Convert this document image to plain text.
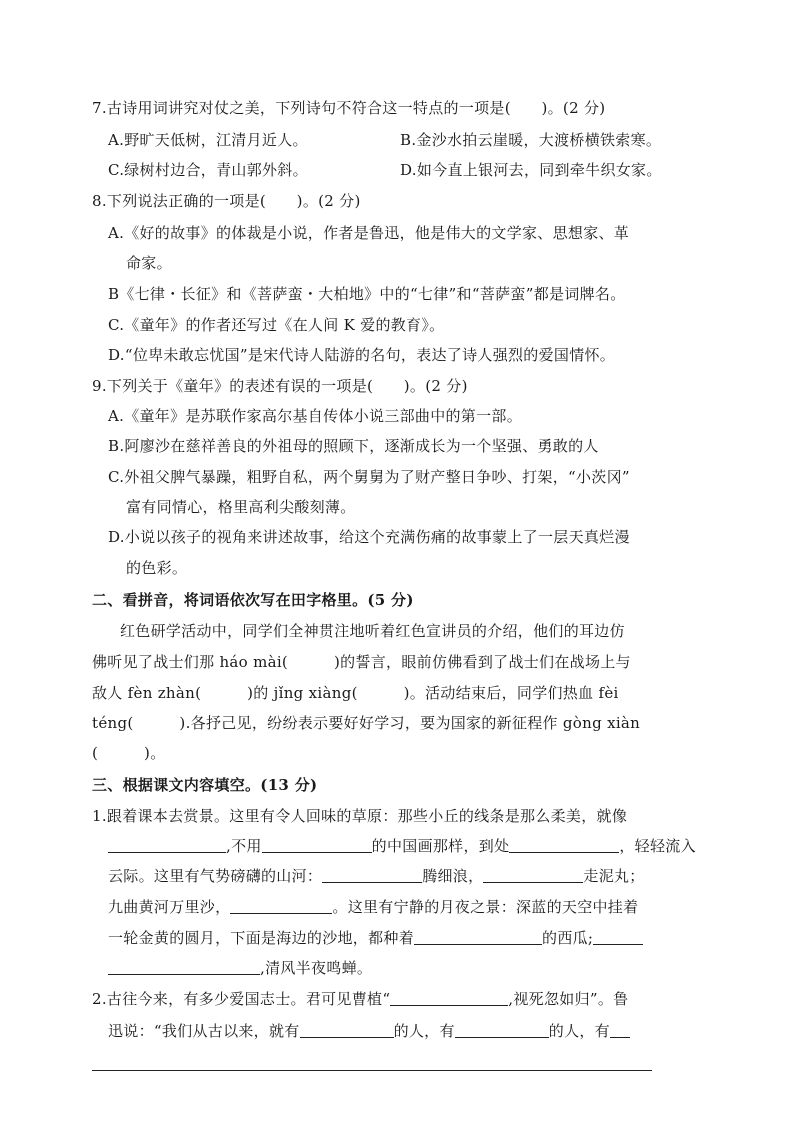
7.古诗用词讲究对仗之美，下列诗句不符合这一特点的一项是(　　)。(2 分)
A.野旷天低树，江清月近人。	B.金沙水拍云崖暖，大渡桥横铁索寒。
C.绿树村边合，青山郭外斜。	D.如今直上银河去，同到牵牛织女家。
8.下列说法正确的一项是(　　)。(2 分)
A.《好的故事》的体裁是小说，作者是鲁迅，他是伟大的文学家、思想家、革
命家。
B《七律・长征》和《菩萨蛮・大柏地》中的“七律”和“菩萨蛮”都是词牌名。
C.《童年》的作者还写过《在人间 K 爱的教育》。
D.“位卑未敢忘忧国”是宋代诗人陆游的名句，表达了诗人强烈的爱国情怀。
9.下列关于《童年》的表述有误的一项是(　　)。(2 分)
A.《童年》是苏联作家高尔基自传体小说三部曲中的第一部。
B.阿廖沙在慈祥善良的外祖母的照顾下，逐渐成长为一个坚强、勇敢的人
C.外祖父脾气暴躁，粗野自私，两个舅舅为了财产整日争吵、打架，“小茨冈”
富有同情心，格里高利尖酸刻薄。
D.小说以孩子的视角来讲述故事，给这个充满伤痛的故事蒙上了一层天真烂漫
的色彩。
二、看拼音，将词语依次写在田字格里。(5 分)
红色研学活动中，同学们全神贯注地听着红色宣讲员的介绍，他们的耳边仿
佛听见了战士们那 háo mài(　　　)的誓言，眼前仿佛看到了战士们在战场上与
敌人 fèn zhàn(　　　)的 jǐng xiàng(　　　)。活动结束后，同学们热血 fèi
téng(　　　).各抒己见，纷纷表示要好好学习，要为国家的新征程作 gòng xiàn
(　　　)。
三、根据课文内容填空。(13 分)
1.跟着课本去赏景。这里有令人回味的草原：那些小丘的线条是那么柔美，就像
,不用	的中国画那样，到处	，轻轻流入
云际。这里有气势磅礴的山河：	腾细浪，	走泥丸；
九曲黄河万里沙，	。这里有宁静的月夜之景：深蓝的天空中挂着
一轮金黄的圆月，下面是海边的沙地，都种着	的西瓜;
,清风半夜鸣蝉。
2.古往今来，有多少爱国志士。君可见曹植“	,视死忽如归”。鲁
迅说：“我们从古以来，就有	的人，有	的人，有
